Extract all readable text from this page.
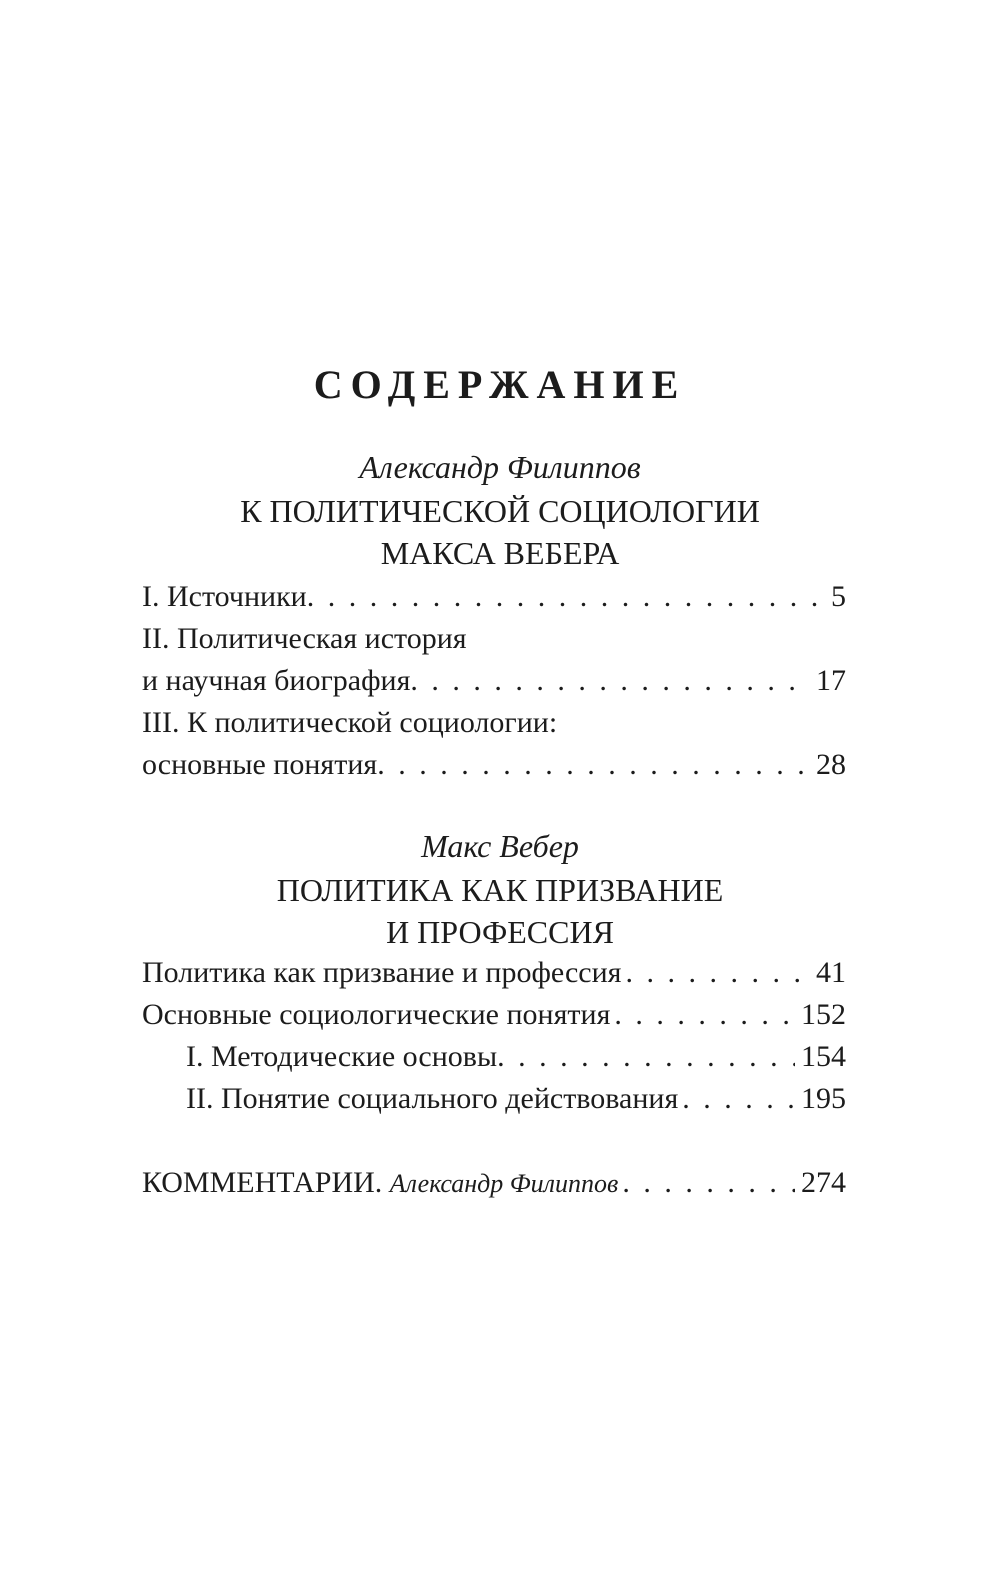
СОДЕРЖАНИЕ
Александр Филиппов
К ПОЛИТИЧЕСКОЙ СОЦИОЛОГИИ
МАКСА ВЕБЕРА
I. Источники . . .	5
II. Политическая история
и научная биография . . .	17
III. К политической социологии:
основные понятия . . .	28
Макс Вебер
ПОЛИТИКА КАК ПРИЗВАНИЕ
И ПРОФЕССИЯ
Политика как призвание и профессия . . .	41
Основные социологические понятия . . .	152
I. Методические основы . . .	154
II. Понятие социального действования . . .	195
КОММЕНТАРИИ. Александр Филиппов . . .	274
